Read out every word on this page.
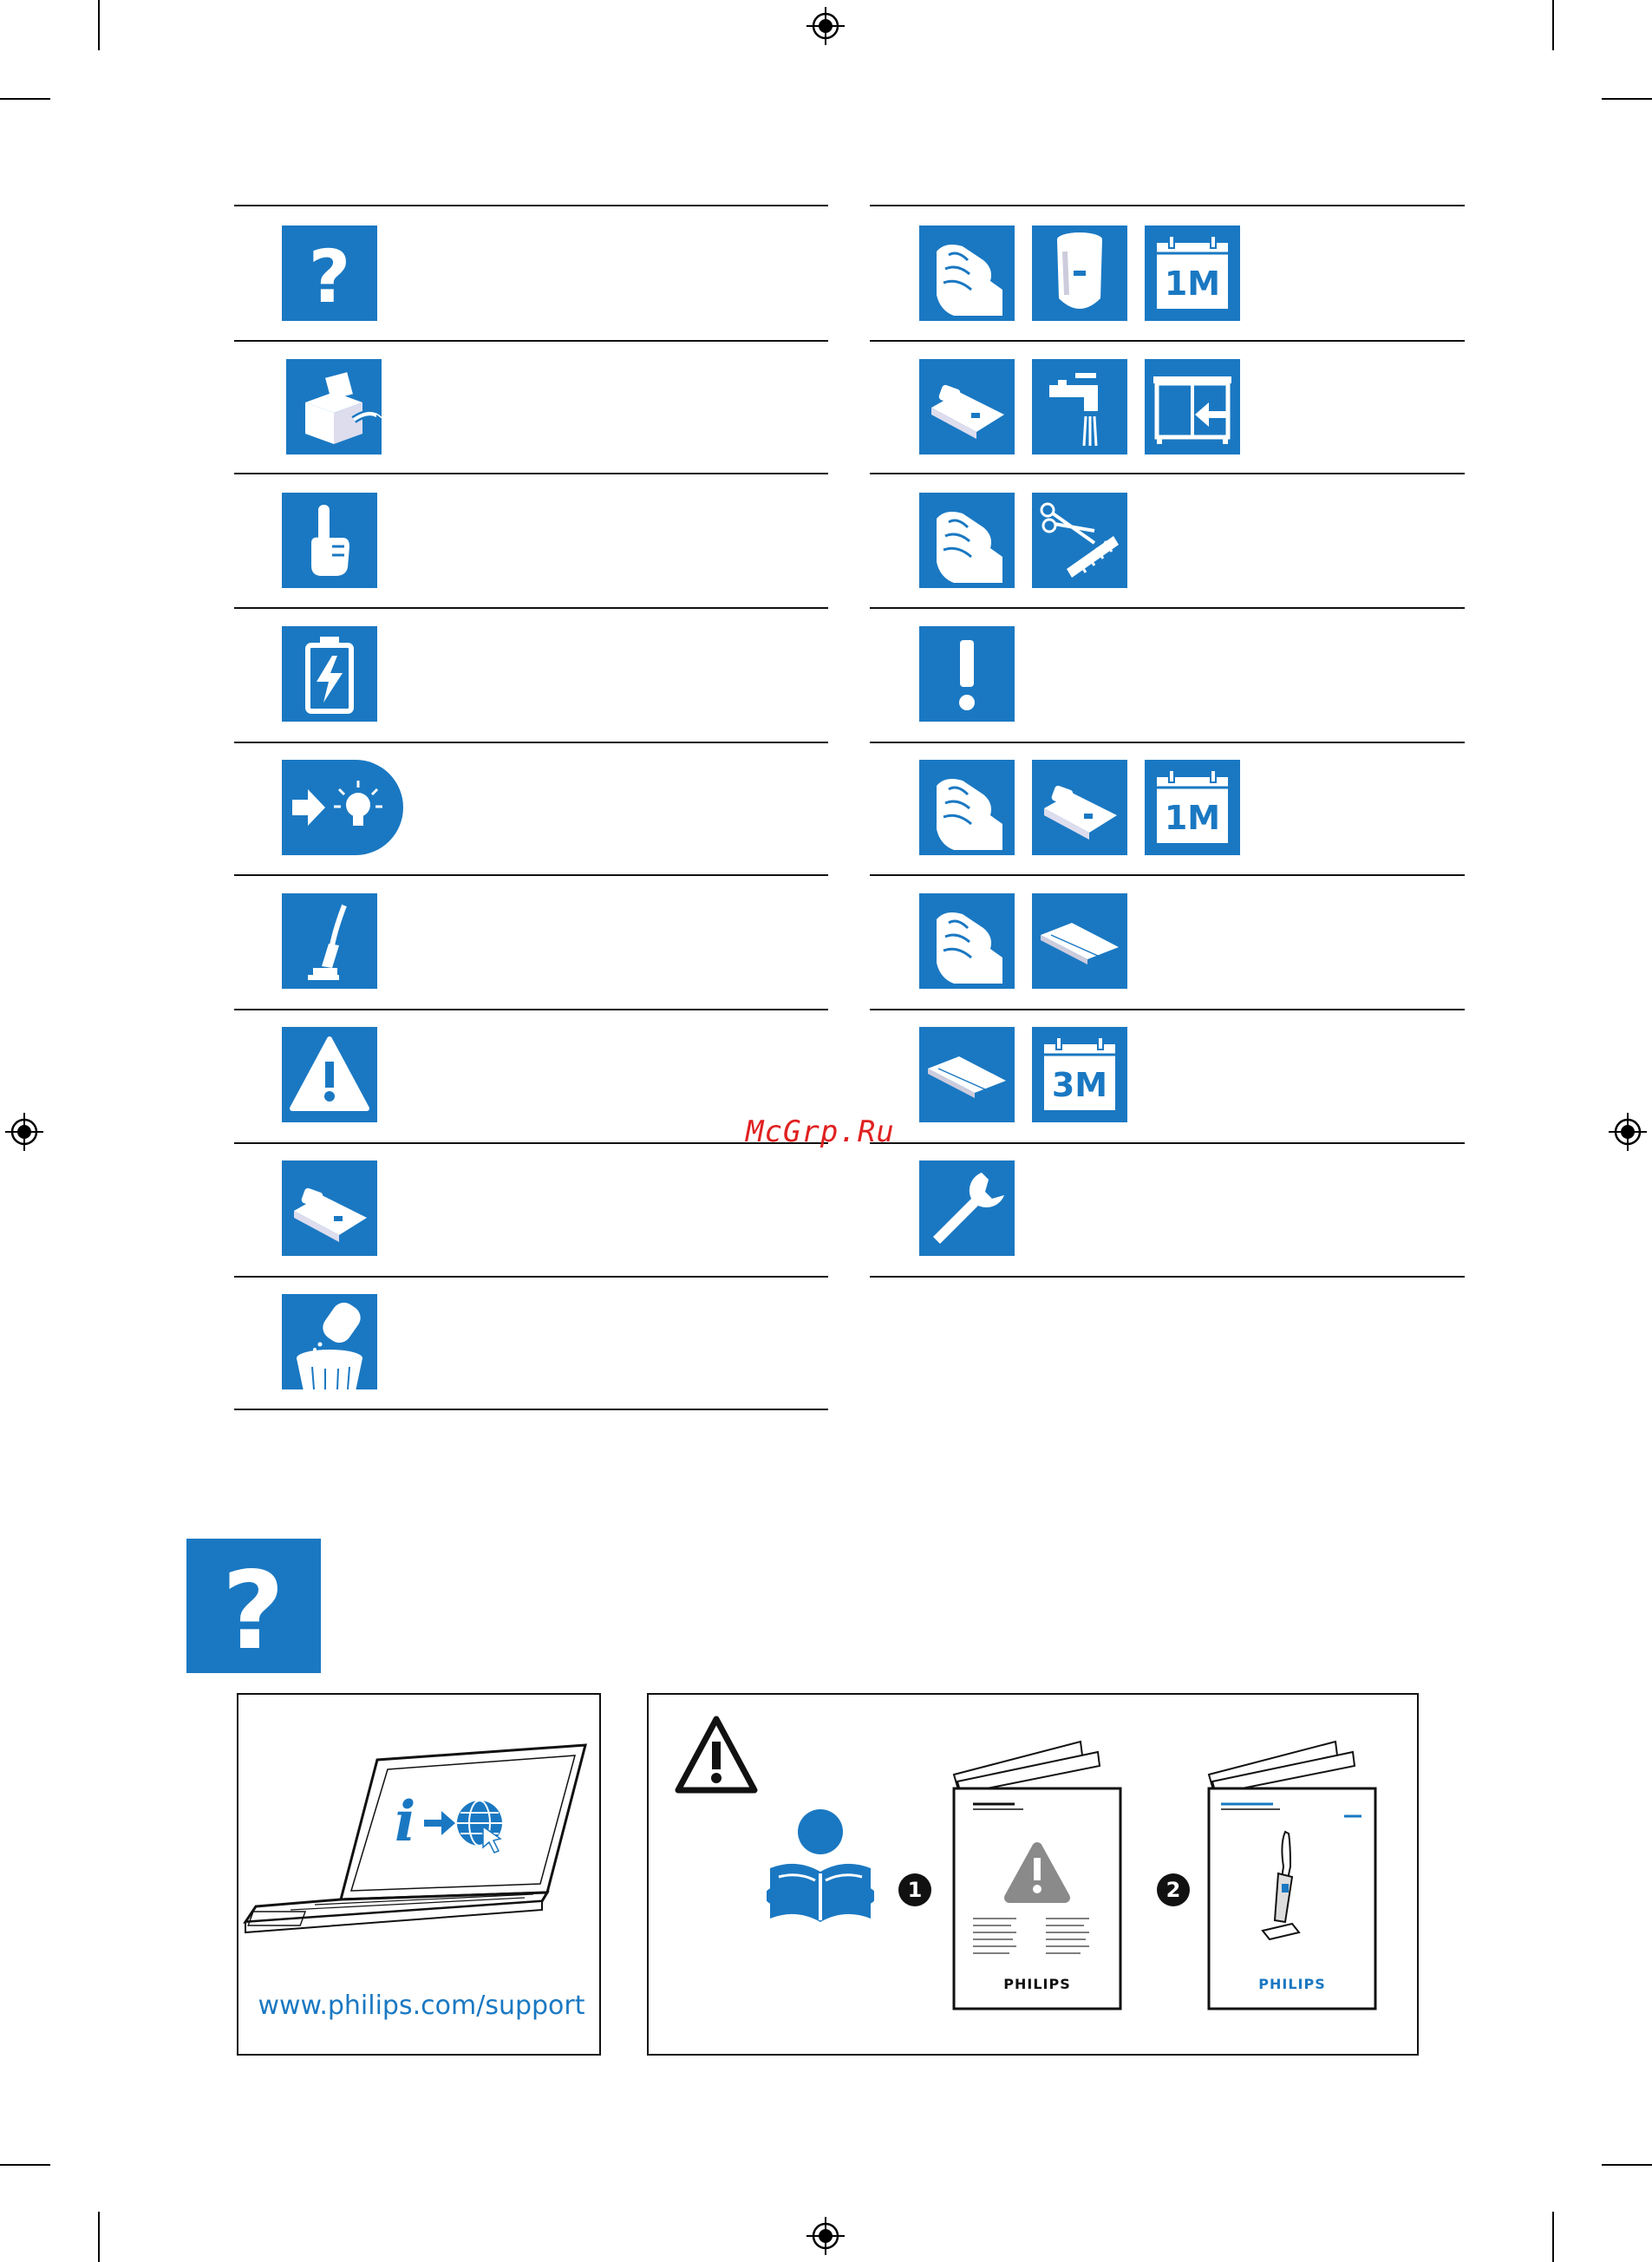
?	1M
1M
3M
McGrp.Ru
?
i
www.philips.com/support
1
PHILIPS
2
PHILIPS
